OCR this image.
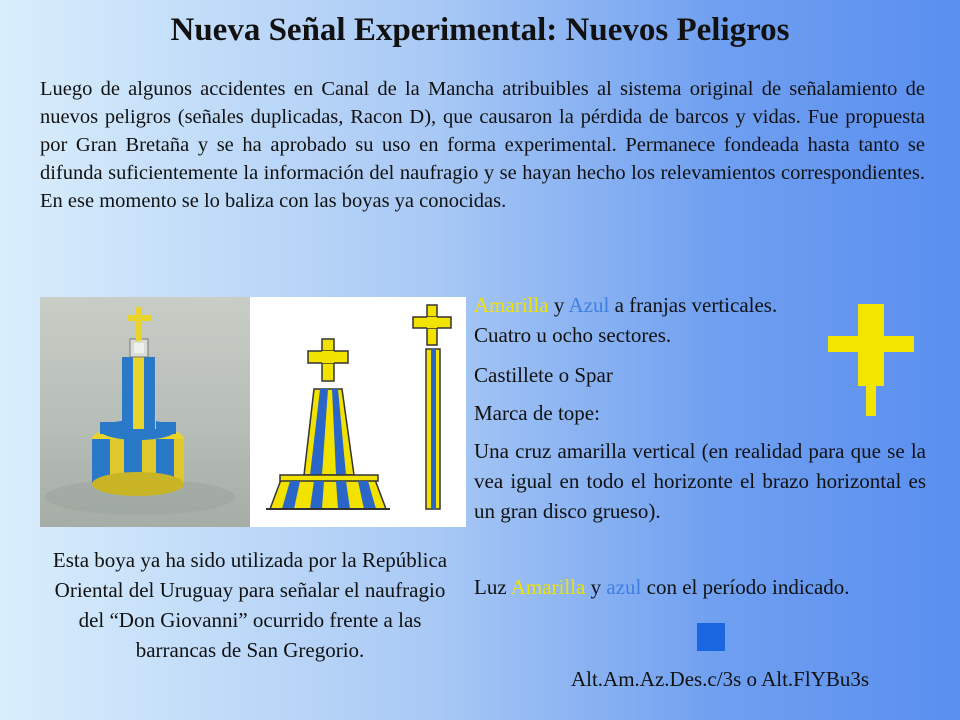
Nueva Señal Experimental: Nuevos Peligros
Luego de algunos accidentes en Canal de la Mancha atribuibles al sistema original de señalamiento de nuevos peligros (señales duplicadas, Racon D), que causaron la pérdida de barcos y vidas. Fue propuesta por Gran Bretaña y se ha aprobado su uso en forma experimental. Permanece fondeada hasta tanto se difunda suficientemente la información del naufragio y se hayan hecho los relevamientos correspondientes. En ese momento se lo baliza con las boyas ya conocidas.
Esta boya ya ha sido utilizada por la República Oriental del Uruguay para señalar el naufragio del “Don Giovanni” ocurrido frente a las barrancas de San Gregorio.

Amarilla y Azul a franjas verticales.

Cuatro u ocho sectores.

Castillete o Spar

Marca de tope:

Una cruz amarilla vertical (en realidad para que se la vea igual en todo el horizonte el brazo horizontal es un gran disco grueso).

Luz Amarilla y azul con el período indicado.

Alt.Am.Az.Des.c/3s o Alt.FlYBu3s
